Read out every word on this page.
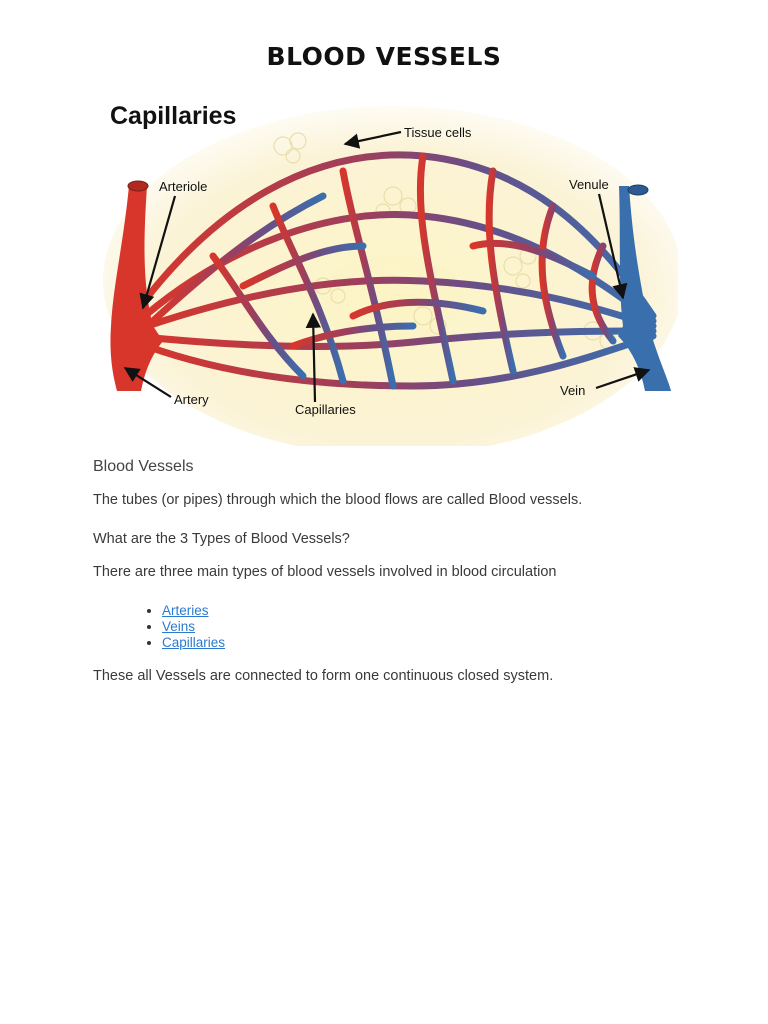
BLOOD VESSELS
Capillaries
Tissue cells
Arteriole	Venule
Artery
Capillaries
Vein
Blood Vessels

The tubes (or pipes) through which the blood flows are called Blood vessels.

What are the 3 Types of Blood Vessels?

There are three main types of blood vessels involved in blood circulation

• Arteries
• Veins
• Capillaries

These all Vessels are connected to form one continuous closed system.
